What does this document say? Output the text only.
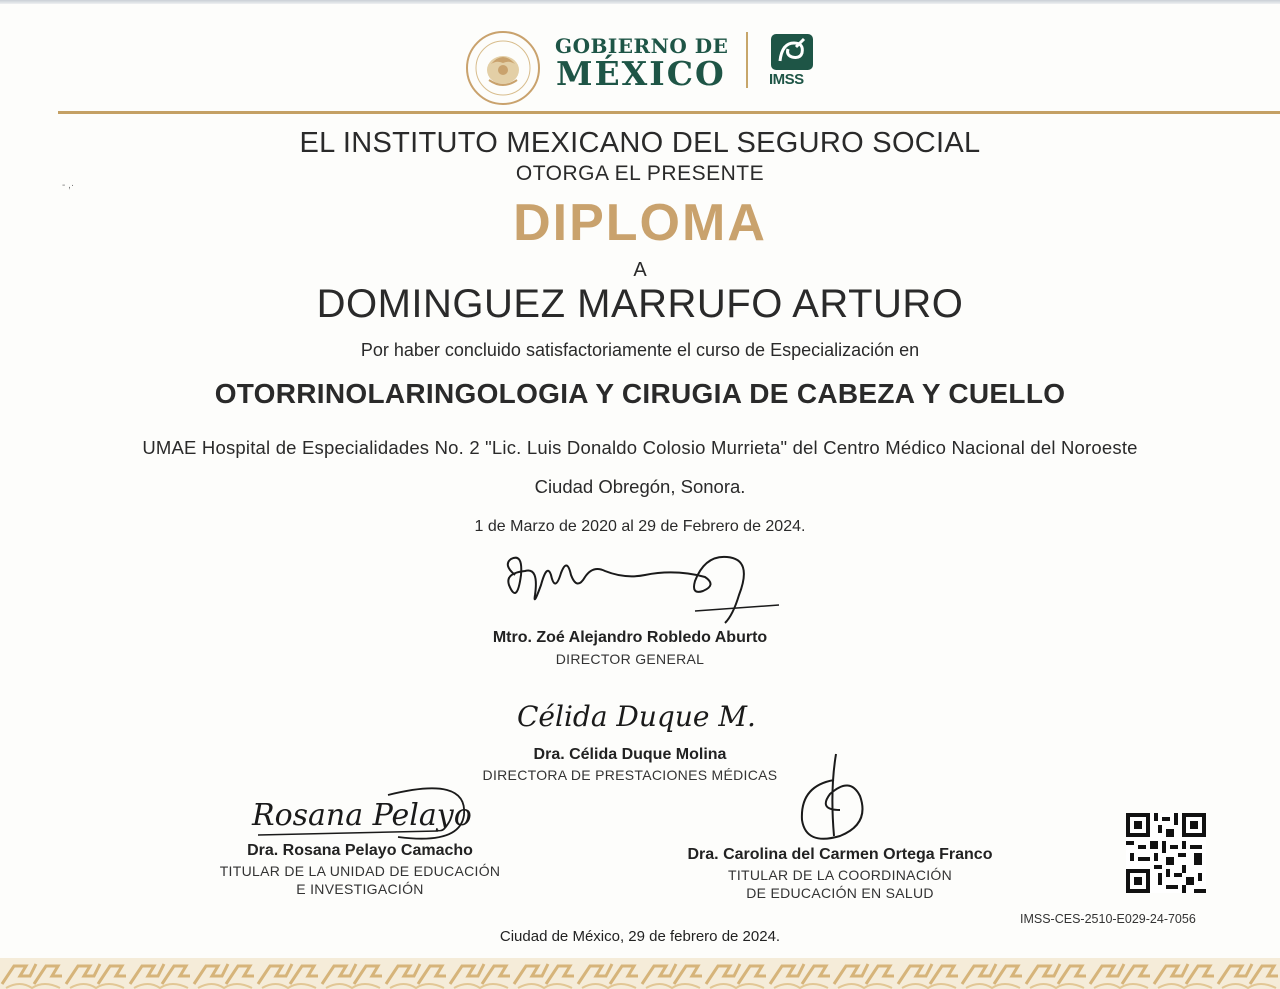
GOBIERNO DE
MÉXICO	IMSS
- ,·
EL INSTITUTO MEXICANO DEL SEGURO SOCIAL
OTORGA EL PRESENTE
DIPLOMA
A
DOMINGUEZ MARRUFO ARTURO
Por haber concluido satisfactoriamente el curso de Especialización en
OTORRINOLARINGOLOGIA Y CIRUGIA DE CABEZA Y CUELLO
UMAE Hospital de Especialidades No. 2 "Lic. Luis Donaldo Colosio Murrieta" del Centro Médico Nacional del Noroeste
Ciudad Obregón, Sonora.
1 de Marzo de 2020 al 29 de Febrero de 2024.
Mtro. Zoé Alejandro Robledo Aburto
DIRECTOR GENERAL
Célida Duque M.
Dra. Célida Duque Molina
DIRECTORA DE PRESTACIONES MÉDICAS
Rosana Pelayo
Dra. Rosana Pelayo Camacho
TITULAR DE LA UNIDAD DE EDUCACIÓN
E INVESTIGACIÓN
Dra. Carolina del Carmen Ortega Franco
TITULAR DE LA COORDINACIÓN
DE EDUCACIÓN EN SALUD
IMSS-CES-2510-E029-24-7056
Ciudad de México, 29 de febrero de 2024.
